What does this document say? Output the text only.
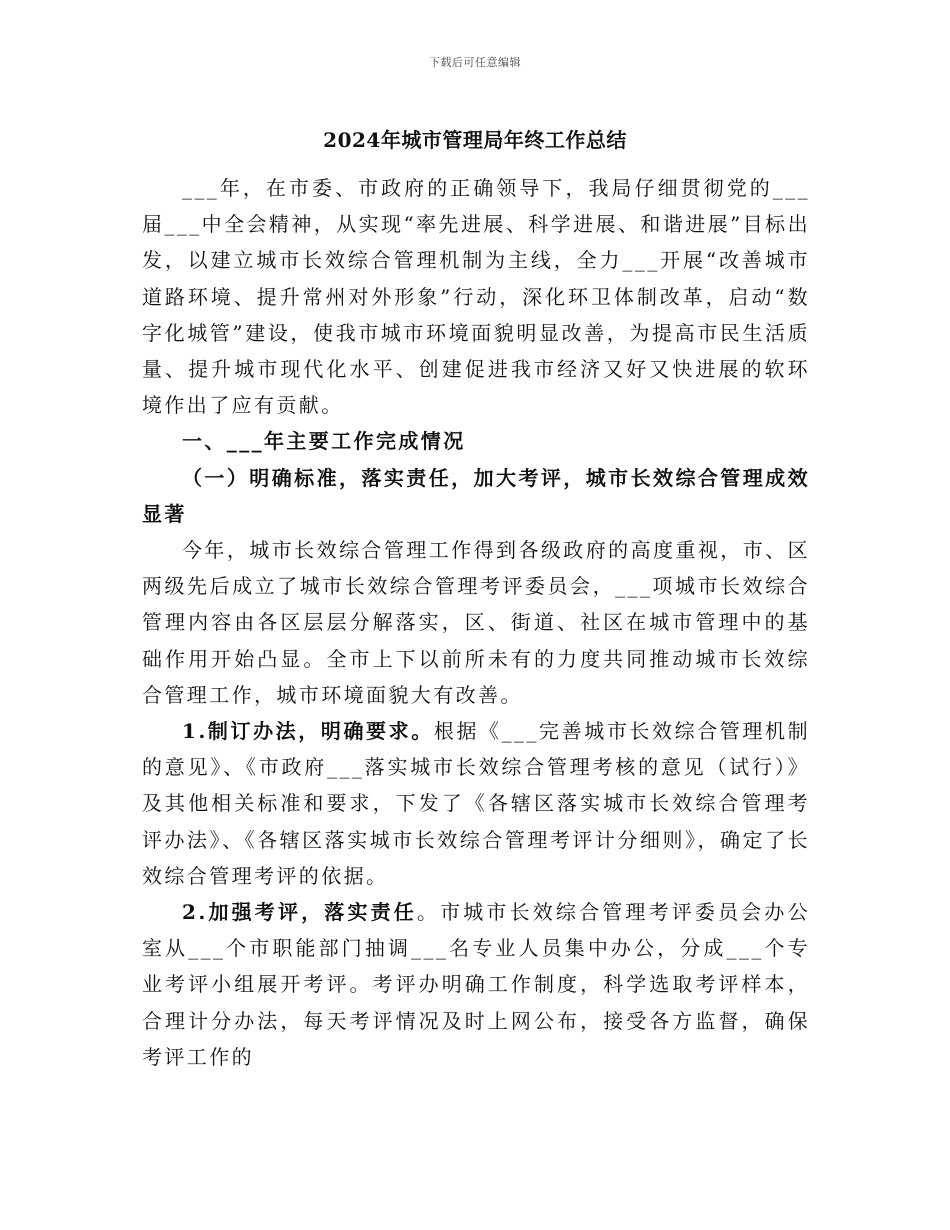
下载后可任意编辑
2024年城市管理局年终工作总结

___年，在市委、市政府的正确领导下，我局仔细贯彻党的___届___中全会精神，从实现“率先进展、科学进展、和谐进展”目标出发，以建立城市长效综合管理机制为主线，全力___开展“改善城市道路环境、提升常州对外形象”行动，深化环卫体制改革，启动“数字化城管”建设，使我市城市环境面貌明显改善，为提高市民生活质量、提升城市现代化水平、创建促进我市经济又好又快进展的软环境作出了应有贡献。

一、___年主要工作完成情况

（一）明确标准，落实责任，加大考评，城市长效综合管理成效显著

今年，城市长效综合管理工作得到各级政府的高度重视，市、区两级先后成立了城市长效综合管理考评委员会，___项城市长效综合管理内容由各区层层分解落实，区、街道、社区在城市管理中的基础作用开始凸显。全市上下以前所未有的力度共同推动城市长效综合管理工作，城市环境面貌大有改善。

1.制订办法，明确要求。根据《___完善城市长效综合管理机制的意见》、《市政府___落实城市长效综合管理考核的意见（试行）》及其他相关标准和要求，下发了《各辖区落实城市长效综合管理考评办法》、《各辖区落实城市长效综合管理考评计分细则》，确定了长效综合管理考评的依据。

2.加强考评，落实责任。市城市长效综合管理考评委员会办公室从___个市职能部门抽调___名专业人员集中办公，分成___个专业考评小组展开考评。考评办明确工作制度，科学选取考评样本，合理计分办法，每天考评情况及时上网公布，接受各方监督，确保考评工作的
